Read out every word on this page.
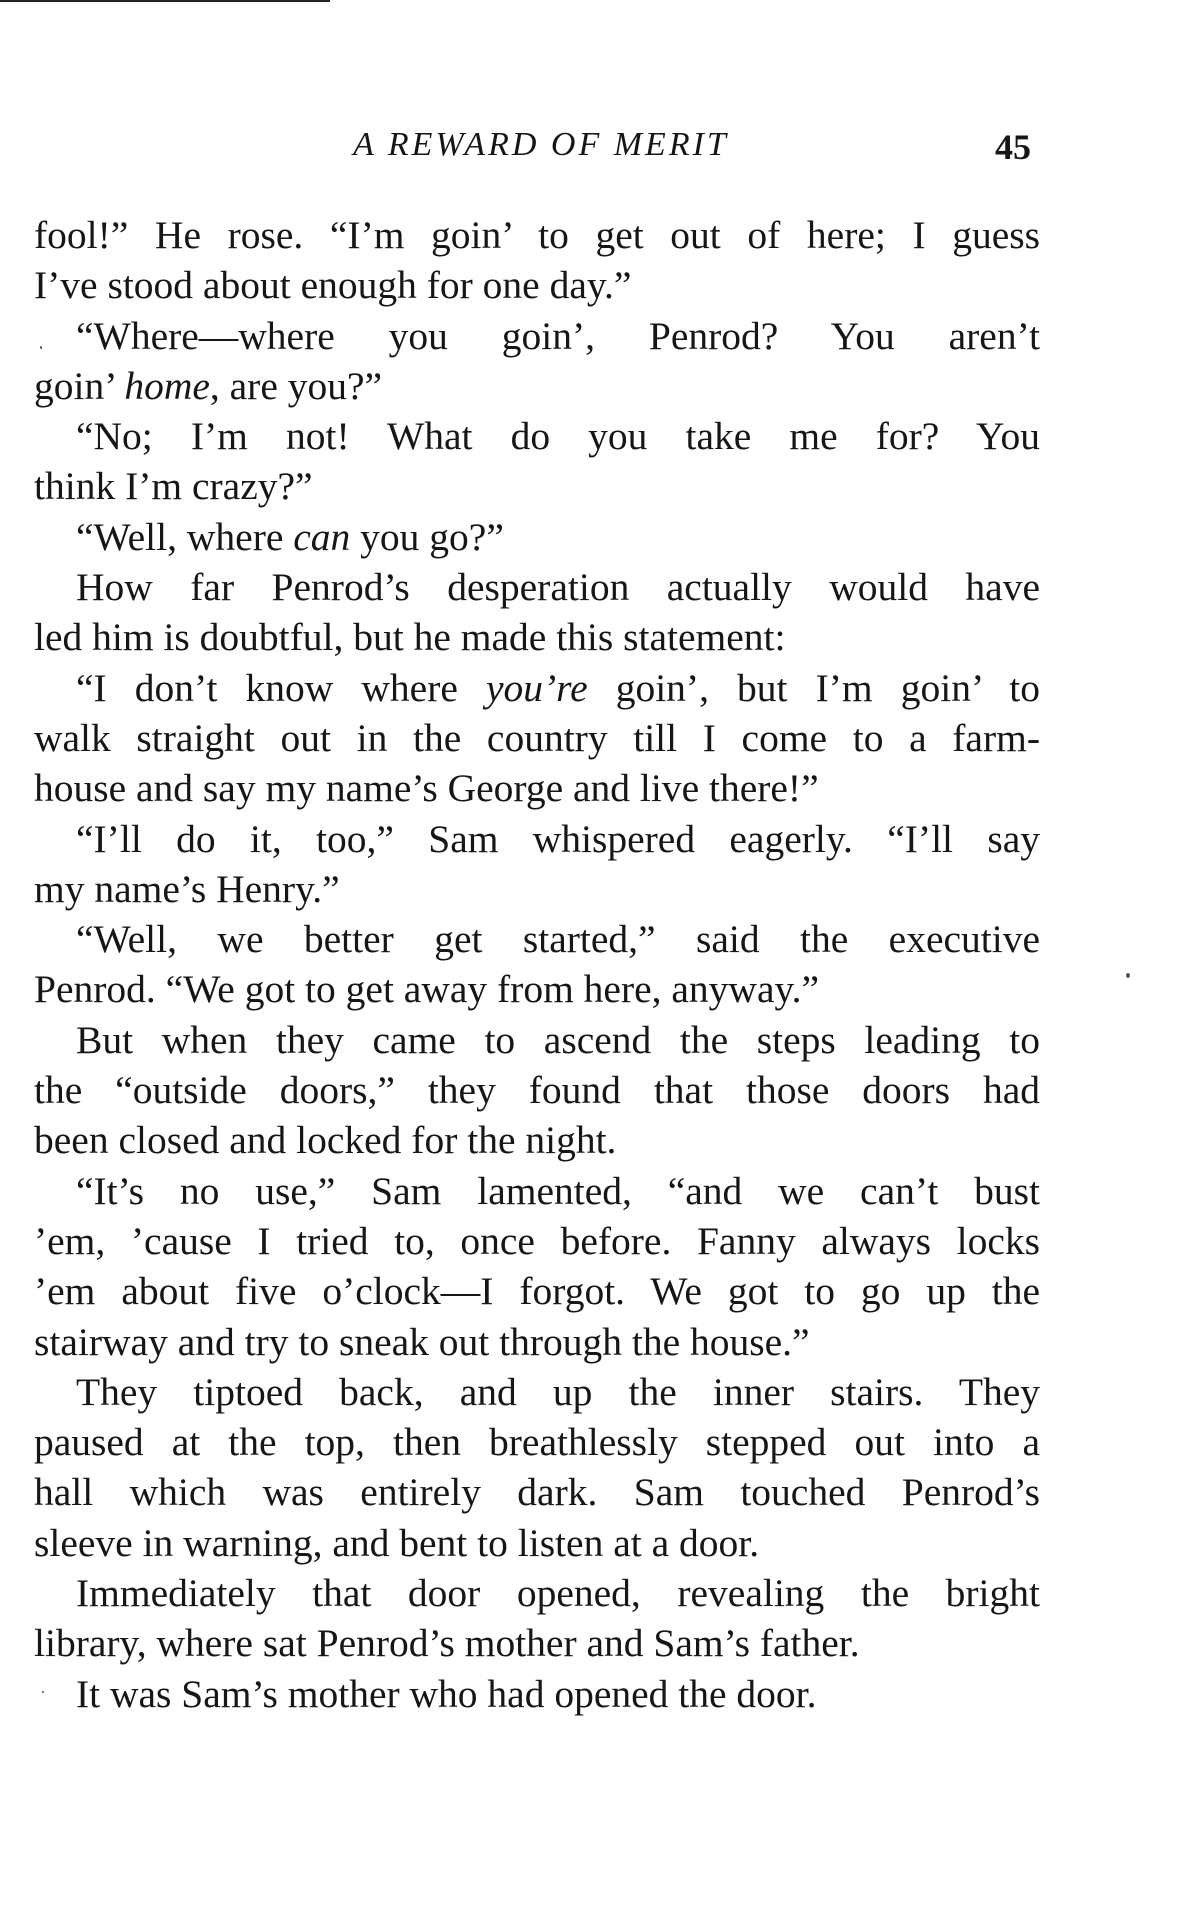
A REWARD OF MERIT	45
fool!” He rose. “I’m goin’ to get out of here; I guess
I’ve stood about enough for one day.”
“Where—where you goin’, Penrod? You aren’t
goin’ home, are you?”
“No; I’m not! What do you take me for? You
think I’m crazy?”
“Well, where can you go?”
How far Penrod’s desperation actually would have
led him is doubtful, but he made this statement:
“I don’t know where you’re goin’, but I’m goin’ to
walk straight out in the country till I come to a farm-
house and say my name’s George and live there!”
“I’ll do it, too,” Sam whispered eagerly. “I’ll say
my name’s Henry.”
“Well, we better get started,” said the executive
Penrod. “We got to get away from here, anyway.”
But when they came to ascend the steps leading to
the “outside doors,” they found that those doors had
been closed and locked for the night.
“It’s no use,” Sam lamented, “and we can’t bust
’em, ’cause I tried to, once before. Fanny always locks
’em about five o’clock—I forgot. We got to go up the
stairway and try to sneak out through the house.”
They tiptoed back, and up the inner stairs. They
paused at the top, then breathlessly stepped out into a
hall which was entirely dark. Sam touched Penrod’s
sleeve in warning, and bent to listen at a door.
Immediately that door opened, revealing the bright
library, where sat Penrod’s mother and Sam’s father.
It was Sam’s mother who had opened the door.
